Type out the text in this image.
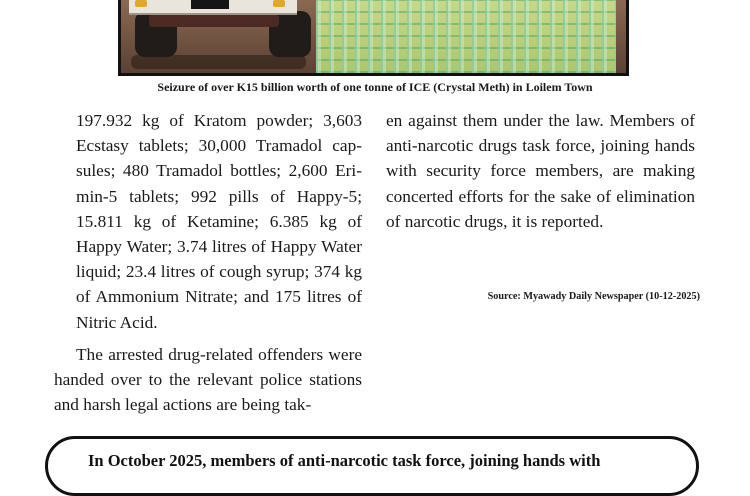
Seizure of over K15 billion worth of one tonne of ICE (Crystal Meth) in Loilem Town

197.932 kg of Kratom powder; 3,603 Ecstasy tablets; 30,000 Tramadol capsules; 480 Tramadol bottles; 2,600 Erimin-5 tablets; 992 pills of Happy-5; 15.811 kg of Ketamine; 6.385 kg of Happy Water; 3.74 litres of Happy Water liquid; 23.4 litres of cough syrup; 374 kg of Ammonium Nitrate; and 175 litres of Nitric Acid.

The arrested drug-related offenders were handed over to the relevant police stations and harsh legal actions are being tak-

en against them under the law. Members of anti-narcotic drugs task force, joining hands with security force members, are making concerted efforts for the sake of elimination of narcotic drugs, it is reported.

Source: Myawady Daily Newspaper (10-12-2025)
In October 2025, members of anti-narcotic task force, joining hands with
